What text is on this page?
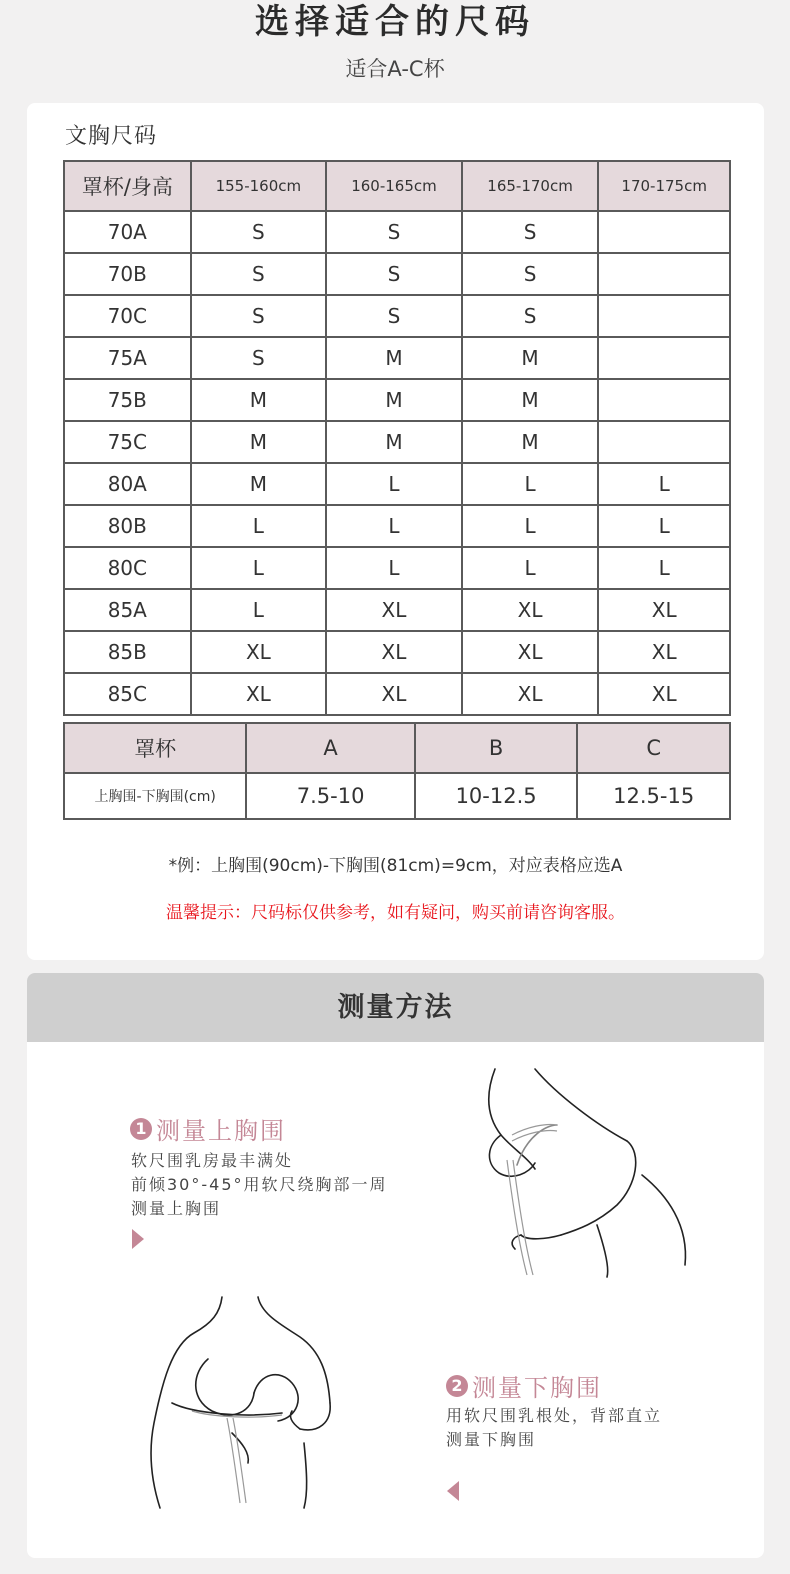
选择适合的尺码
适合A-C杯
文胸尺码
罩杯/身高	155-160cm	160-165cm	165-170cm	170-175cm
70A	S	S	S	
70B	S	S	S	
70C	S	S	S	
75A	S	M	M	
75B	M	M	M	
75C	M	M	M	
80A	M	L	L	L
80B	L	L	L	L
80C	L	L	L	L
85A	L	XL	XL	XL
85B	XL	XL	XL	XL
85C	XL	XL	XL	XL
罩杯	A	B	C
上胸围-下胸围(cm)	7.5-10	10-12.5	12.5-15
*例：上胸围(90cm)-下胸围(81cm)=9cm，对应表格应选A
温馨提示：尺码标仅供参考，如有疑问，购买前请咨询客服。
测量方法
1 测量上胸围
软尺围乳房最丰满处
前倾30°-45°用软尺绕胸部一周
测量上胸围
2 测量下胸围
用软尺围乳根处，背部直立
测量下胸围
